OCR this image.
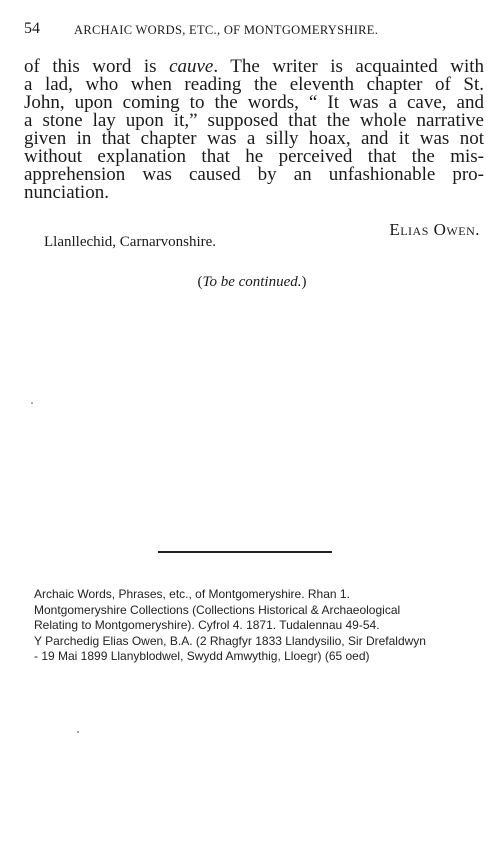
54	ARCHAIC WORDS, ETC., OF MONTGOMERYSHIRE.

of this word is cauve. The writer is acquainted with
a lad, who when reading the eleventh chapter of St.
John, upon coming to the words, “ It was a cave, and
a stone lay upon it,” supposed that the whole narrative
given in that chapter was a silly hoax, and it was not
without explanation that he perceived that the mis-
apprehension was caused by an unfashionable pro-
nunciation.

Elias Owen.
Llanllechid, Carnarvonshire.
(To be continued.)
Archaic Words, Phrases, etc., of Montgomeryshire. Rhan 1.
Montgomeryshire Collections (Collections Historical & Archaeological
Relating to Montgomeryshire). Cyfrol 4. 1871. Tudalennau 49-54.
Y Parchedig Elias Owen, B.A. (2 Rhagfyr 1833 Llandysilio, Sir Drefaldwyn
- 19 Mai 1899 Llanyblodwel, Swydd Amwythig, Lloegr) (65 oed)
